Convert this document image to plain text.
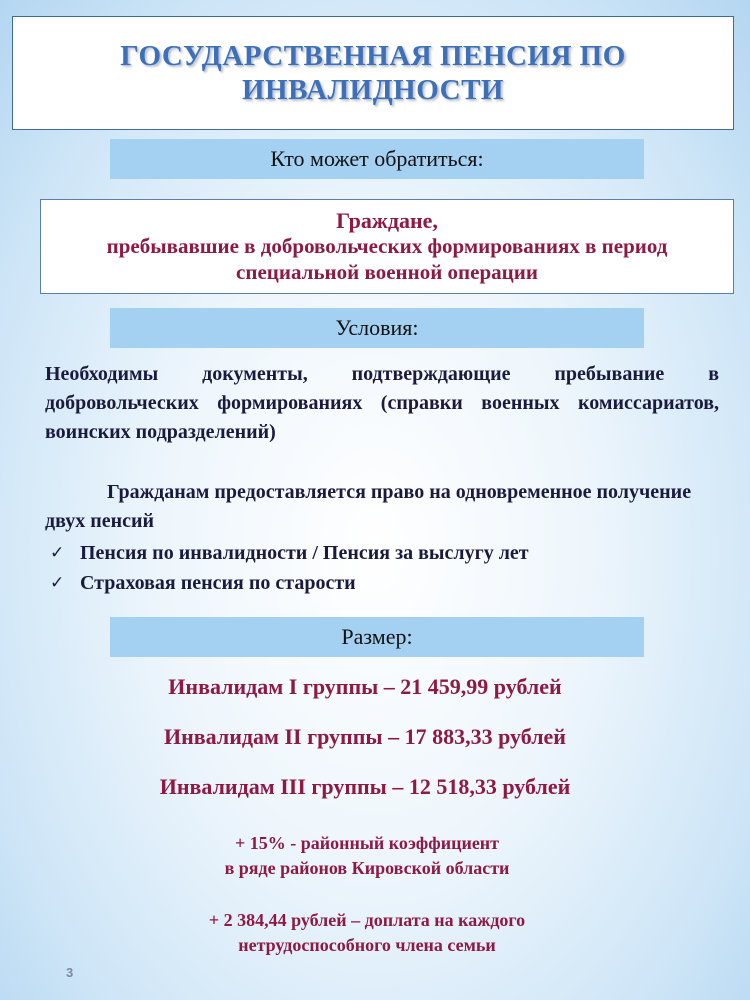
ГОСУДАРСТВЕННАЯ ПЕНСИЯ ПО
ИНВАЛИДНОСТИ
Кто может обратиться:
Граждане,
пребывавшие в добровольческих формированиях в период
специальной военной операции
Условия:
Необходимы документы, подтверждающие пребывание в добровольческих формированиях (справки военных комиссариатов, воинских подразделений)
Гражданам предоставляется право на одновременное получение двух пенсий
✓ Пенсия по инвалидности / Пенсия за выслугу лет
✓ Страховая пенсия по старости
Размер:
Инвалидам I группы – 21 459,99 рублей
Инвалидам II группы – 17 883,33 рублей
Инвалидам III группы – 12 518,33 рублей
+ 15% - районный коэффициент
в ряде районов Кировской области
+ 2 384,44 рублей – доплата на каждого
нетрудоспособного члена семьи
3
